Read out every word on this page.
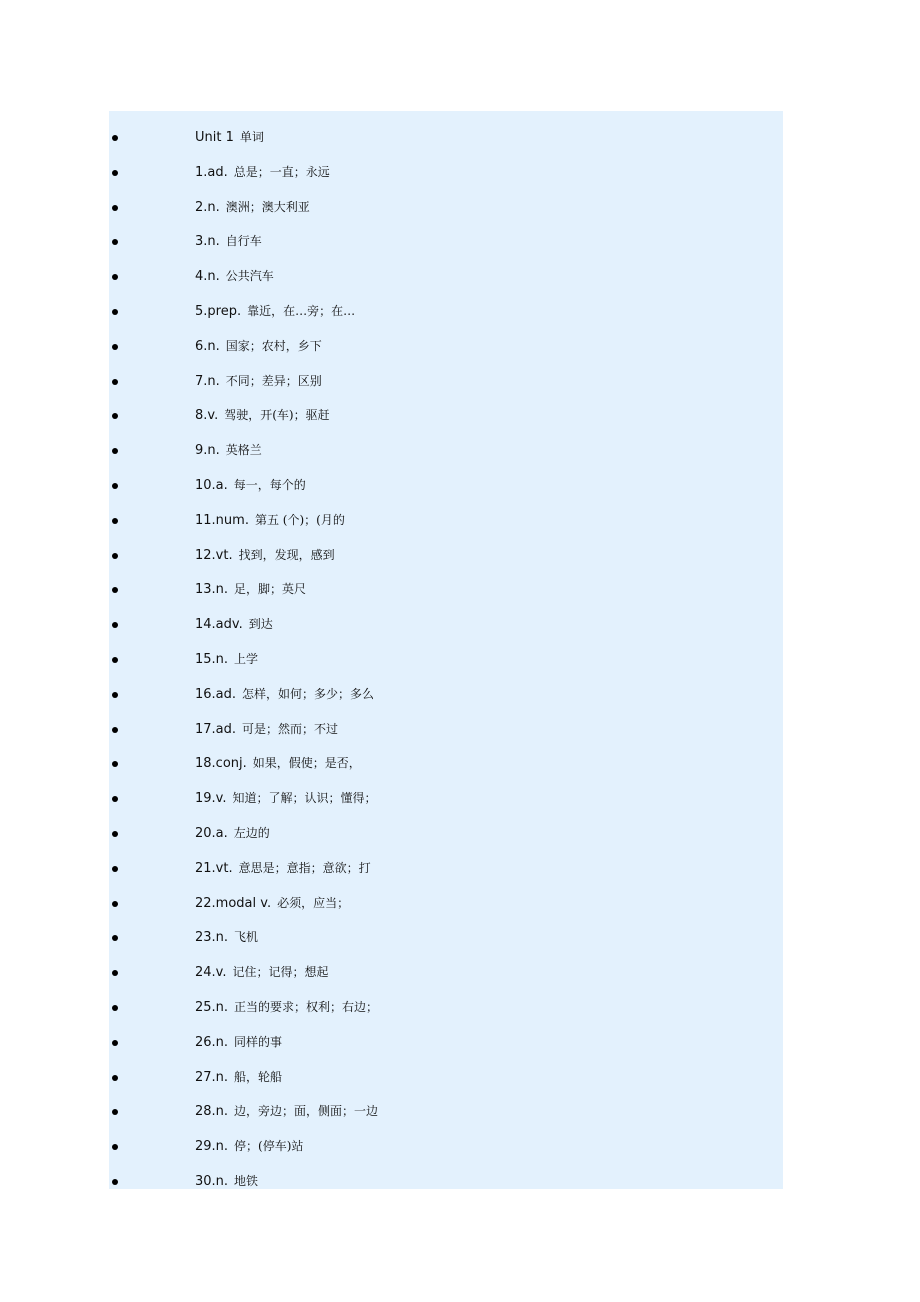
Unit 1 单词
1.ad. 总是；一直；永远
2.n. 澳洲；澳大利亚
3.n. 自行车
4.n. 公共汽车
5.prep. 靠近，在…旁；在…
6.n. 国家；农村，乡下
7.n. 不同；差异；区别
8.v. 驾驶，开(车)；驱赶
9.n. 英格兰
10.a. 每一，每个的
11.num. 第五 (个)；(月的
12.vt. 找到，发现，感到
13.n. 足，脚；英尺
14.adv. 到达
15.n. 上学
16.ad. 怎样，如何；多少；多么
17.ad. 可是；然而；不过
18.conj. 如果，假使；是否，
19.v. 知道；了解；认识；懂得；
20.a. 左边的
21.vt. 意思是；意指；意欲；打
22.modal v. 必须，应当；
23.n. 飞机
24.v. 记住；记得；想起
25.n. 正当的要求；权利；右边；
26.n. 同样的事
27.n. 船，轮船
28.n. 边，旁边；面，侧面；一边
29.n. 停；(停车)站
30.n. 地铁
